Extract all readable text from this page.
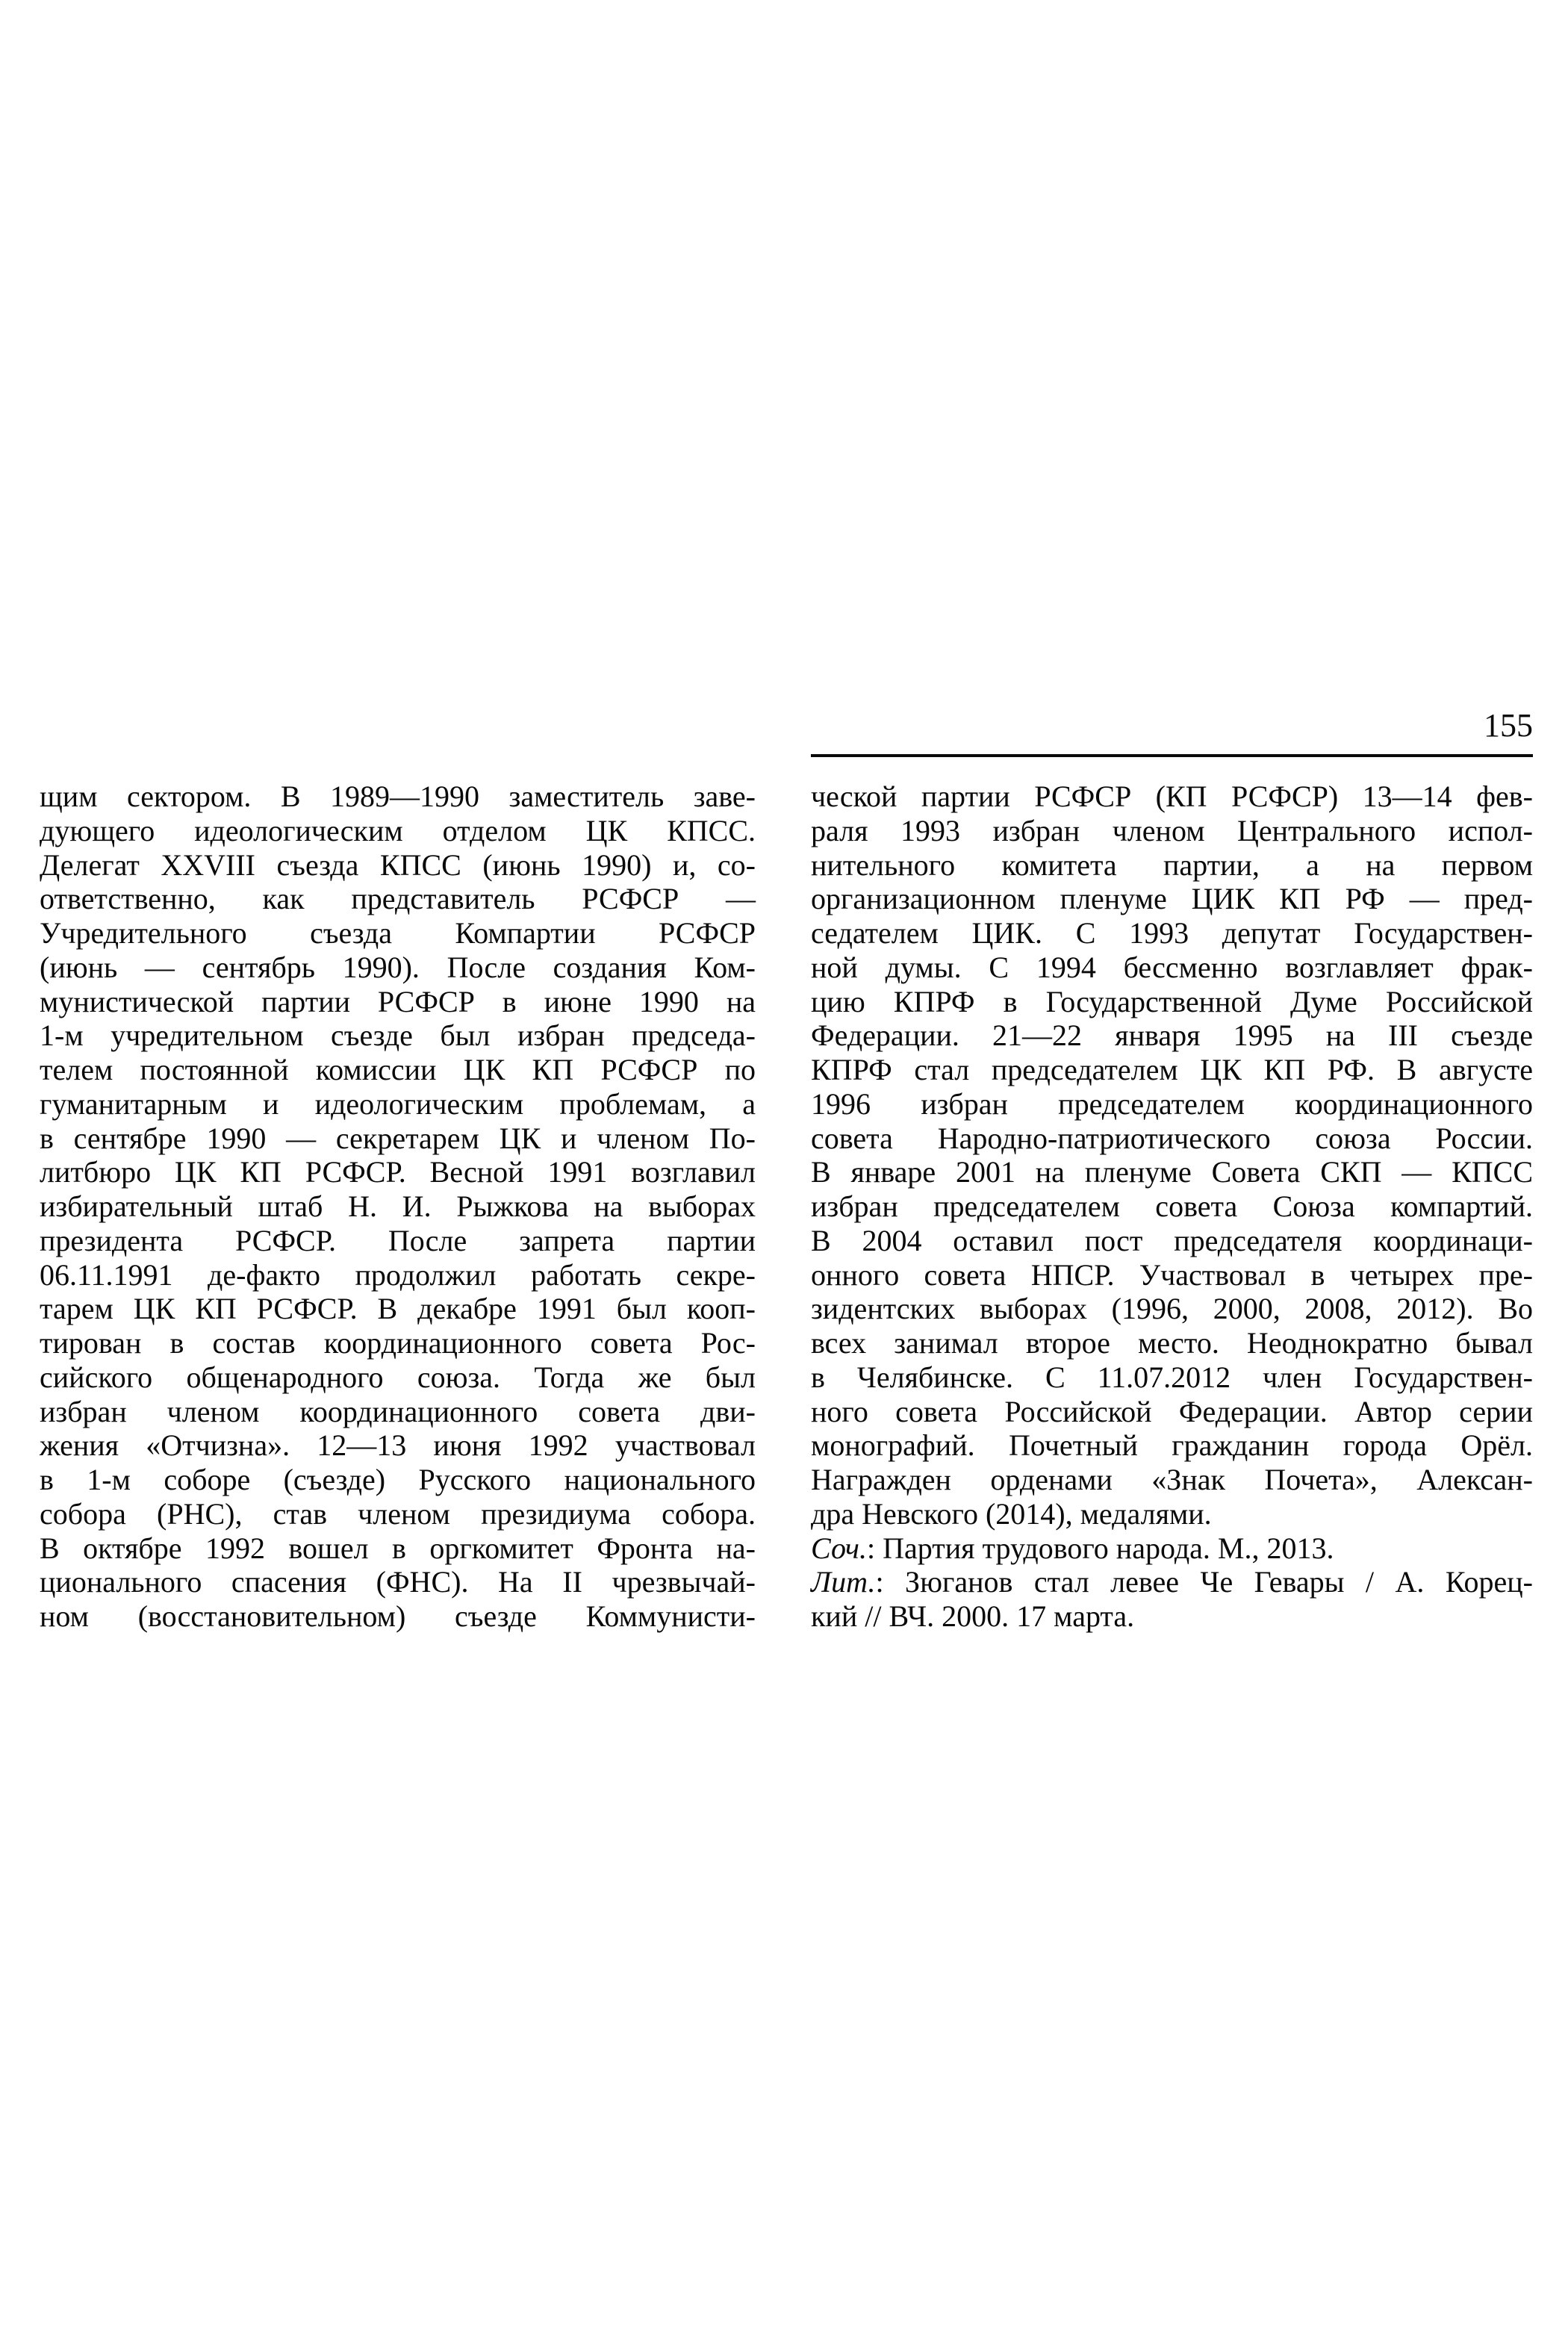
155
щим сектором. В 1989—1990 заместитель заве-
дующего идеологическим отделом ЦК КПСС.
Делегат XXVIII съезда КПСС (июнь 1990) и, со-
ответственно, как представитель РСФСР —
Учредительного съезда Компартии РСФСР
(июнь — сентябрь 1990). После создания Ком-
мунистической партии РСФСР в июне 1990 на
1-м учредительном съезде был избран председа-
телем постоянной комиссии ЦК КП РСФСР по
гуманитарным и идеологическим проблемам, а
в сентябре 1990 — секретарем ЦК и членом По-
литбюро ЦК КП РСФСР. Весной 1991 возглавил
избирательный штаб Н. И. Рыжкова на выборах
президента РСФСР. После запрета партии
06.11.1991 де-факто продолжил работать секре-
тарем ЦК КП РСФСР. В декабре 1991 был кооп-
тирован в состав координационного совета Рос-
сийского общенародного союза. Тогда же был
избран членом координационного совета дви-
жения «Отчизна». 12—13 июня 1992 участвовал
в 1-м соборе (съезде) Русского национального
собора (РНС), став членом президиума собора.
В октябре 1992 вошел в оргкомитет Фронта на-
ционального спасения (ФНС). На II чрезвычай-
ном (восстановительном) съезде Коммунисти-
ческой партии РСФСР (КП РСФСР) 13—14 фев-
раля 1993 избран членом Центрального испол-
нительного комитета партии, а на первом
организационном пленуме ЦИК КП РФ — пред-
седателем ЦИК. С 1993 депутат Государствен-
ной думы. С 1994 бессменно возглавляет фрак-
цию КПРФ в Государственной Думе Российской
Федерации. 21—22 января 1995 на III съезде
КПРФ стал председателем ЦК КП РФ. В августе
1996 избран председателем координационного
совета Народно-патриотического союза России.
В январе 2001 на пленуме Совета СКП — КПСС
избран председателем совета Союза компартий.
В 2004 оставил пост председателя координаци-
онного совета НПСР. Участвовал в четырех пре-
зидентских выборах (1996, 2000, 2008, 2012). Во
всех занимал второе место. Неоднократно бывал
в Челябинске. С 11.07.2012 член Государствен-
ного совета Российской Федерации. Автор серии
монографий. Почетный гражданин города Орёл.
Награжден орденами «Знак Почета», Алексан-
дра Невского (2014), медалями.
Соч.: Партия трудового народа. М., 2013.
Лит.: Зюганов стал левее Че Гевары / А. Корец-
кий // ВЧ. 2000. 17 марта.
